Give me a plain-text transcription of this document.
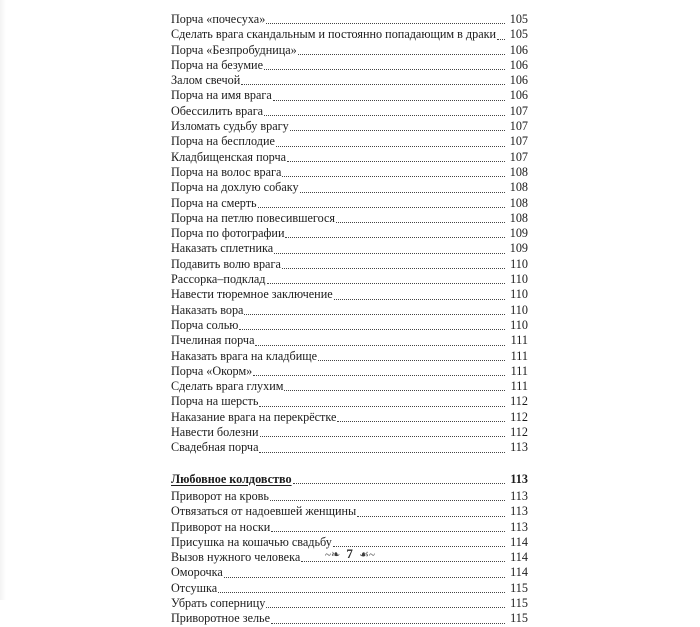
Порча «почесуха»	105
Сделать врага скандальным и постоянно попадающим в драки	105
Порча «Безпробудница»	106
Порча на безумие	106
Залом свечой	106
Порча на имя врага	106
Обессилить врага	107
Изломать судьбу врагу	107
Порча на бесплодие	107
Кладбищенская порча	107
Порча на волос врага	108
Порча на дохлую собаку	108
Порча на смерть	108
Порча на петлю повесившегося	108
Порча по фотографии	109
Наказать сплетника	109
Подавить волю врага	110
Рассорка–подклад	110
Навести тюремное заключение	110
Наказать вора	110
Порча солью	110
Пчелиная порча	111
Наказать врага на кладбище	111
Порча «Окорм»	111
Сделать врага глухим	111
Порча на шерсть	112
Наказание врага на перекрёстке	112
Навести болезни	112
Свадебная порча	113
Любовное колдовство	113
Приворот на кровь	113
Отвязаться от надоевшей женщины	113
Приворот на носки	113
Присушка на кошачью свадьбу	114
Вызов нужного человека	114
Оморочка	114
Отсушка	115
Убрать соперницу	115
Приворотное зелье	115
~❧ 7 ☙~
